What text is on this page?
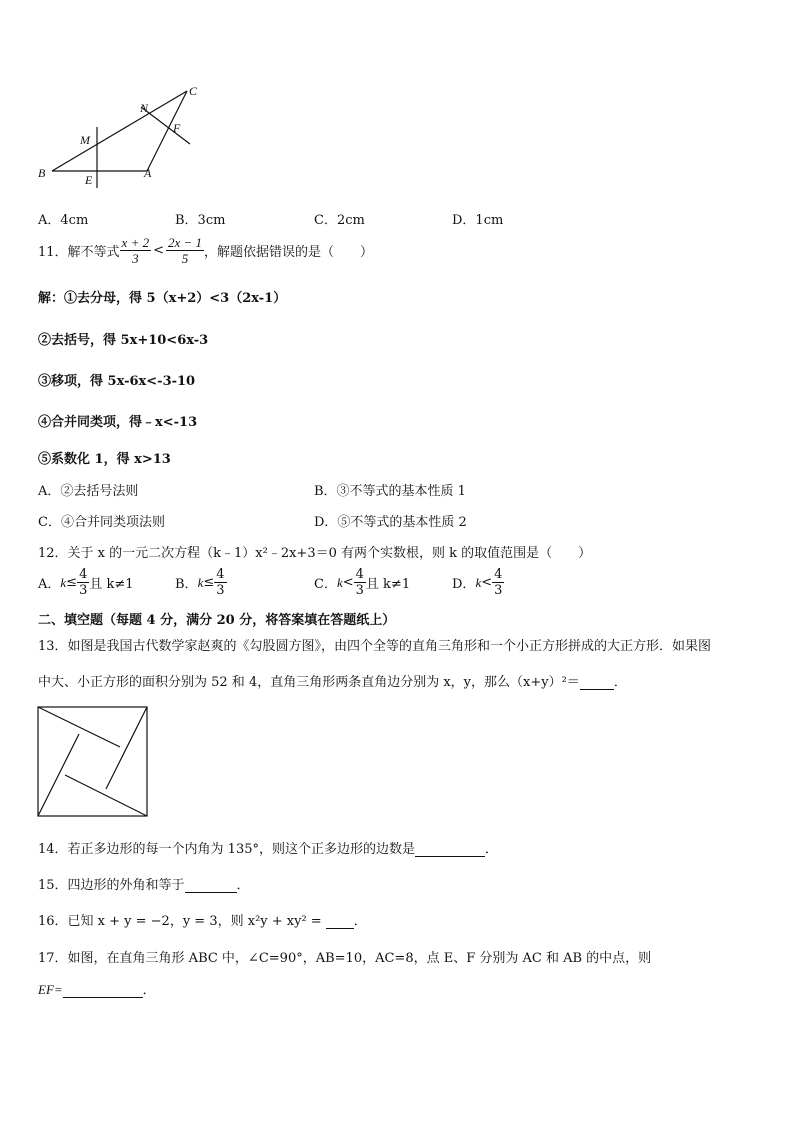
B	E	A
M
N
C
F
A．4cm	B．3cm	C．2cm	D．1cm
11．解不等式 $\frac{x + 2}{3} < \frac{2x - 1}{5}$ ，解题依据错误的是（　　）
解：①去分母，得 5（x+2）<3（2x-1）
②去括号，得 5x+10<6x-3
③移项，得 5x-6x<-3-10
④合并同类项，得﹣x<-13
⑤系数化 1，得 x>13
A．②去括号法则	B．③不等式的基本性质 1
C．④合并同类项法则	D．⑤不等式的基本性质 2
12．关于 x 的一元二次方程（k﹣1）x²﹣2x+3＝0 有两个实数根，则 k 的取值范围是（　　）
A． $k \le \frac{4}{3}$ 且 k≠1	B． $k \le \frac{4}{3}$	C． $k < \frac{4}{3}$ 且 k≠1	D． $k < \frac{4}{3}$
二、填空题（每题 4 分，满分 20 分，将答案填在答题纸上）
13．如图是我国古代数学家赵爽的《勾股圆方图》，由四个全等的直角三角形和一个小正方形拼成的大正方形．如果图
中大、小正方形的面积分别为 52 和 4，直角三角形两条直角边分别为 x，y，那么（x+y）²＝	．
14．若正多边形的每一个内角为 135°，则这个正多边形的边数是	．
15．四边形的外角和等于	．
16．已知 x + y = −2，y = 3，则 x²y + xy² = ．
17．如图，在直角三角形 ABC 中，∠C=90°，AB=10，AC=8，点 E、F 分别为 AC 和 AB 的中点，则
EF=	．
